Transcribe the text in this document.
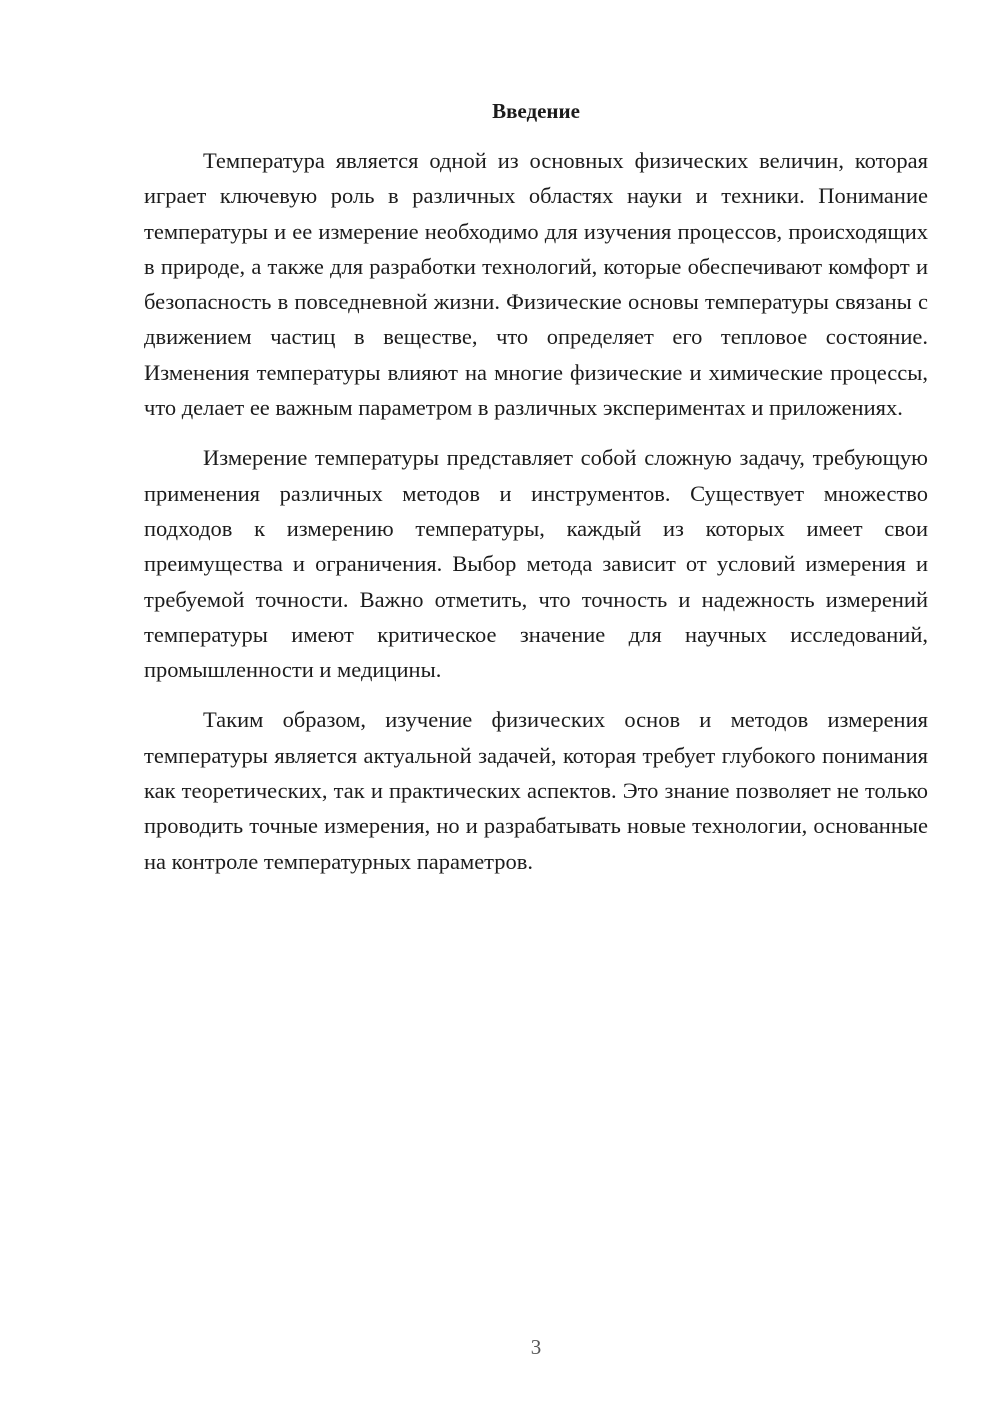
Введение

Температура является одной из основных физических величин, которая играет ключевую роль в различных областях науки и техники. Понимание температуры и ее измерение необходимо для изучения процессов, происходящих в природе, а также для разработки технологий, которые обеспечивают комфорт и безопасность в повседневной жизни. Физические основы температуры связаны с движением частиц в веществе, что определяет его тепловое состояние. Изменения температуры влияют на многие физические и химические процессы, что делает ее важным параметром в различных экспериментах и приложениях.

Измерение температуры представляет собой сложную задачу, требующую применения различных методов и инструментов. Существует множество подходов к измерению температуры, каждый из которых имеет свои преимущества и ограничения. Выбор метода зависит от условий измерения и требуемой точности. Важно отметить, что точность и надежность измерений температуры имеют критическое значение для научных исследований, промышленности и медицины.

Таким образом, изучение физических основ и методов измерения температуры является актуальной задачей, которая требует глубокого понимания как теоретических, так и практических аспектов. Это знание позволяет не только проводить точные измерения, но и разрабатывать новые технологии, основанные на контроле температурных параметров.

3
